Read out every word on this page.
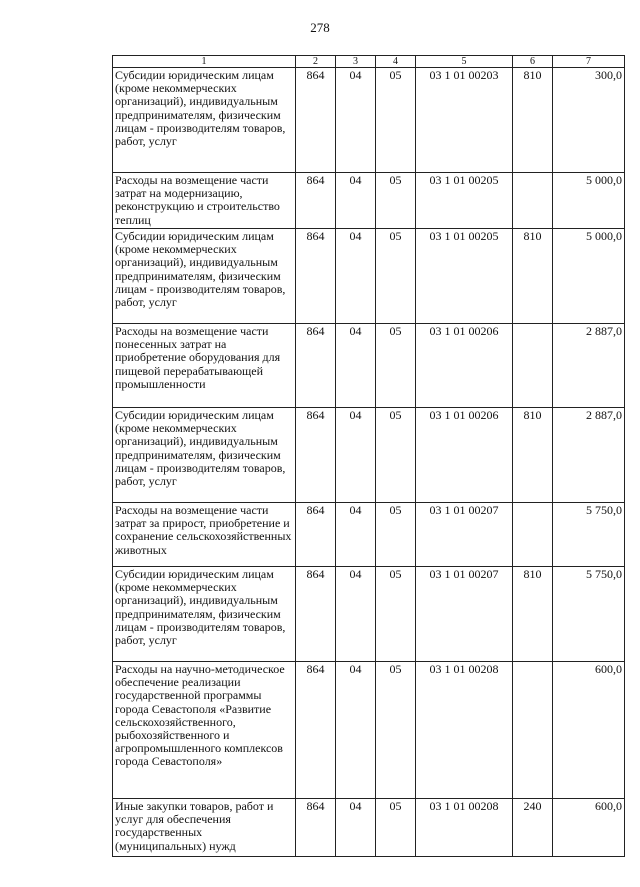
278
1	2	3	4	5	6	7
Субсидии юридическим лицам (кроме некоммерческих организаций), индивидуальным предпринимателям, физическим лицам - производителям товаров, работ, услуг	864	04	05	03 1 01 00203	810	300,0
Расходы на возмещение части затрат на модернизацию, реконструкцию и строительство теплиц	864	04	05	03 1 01 00205		5 000,0
Субсидии юридическим лицам (кроме некоммерческих организаций), индивидуальным предпринимателям, физическим лицам - производителям товаров, работ, услуг	864	04	05	03 1 01 00205	810	5 000,0
Расходы на возмещение части понесенных затрат на приобретение оборудования для пищевой перерабатывающей промышленности	864	04	05	03 1 01 00206		2 887,0
Субсидии юридическим лицам (кроме некоммерческих организаций), индивидуальным предпринимателям, физическим лицам - производителям товаров, работ, услуг	864	04	05	03 1 01 00206	810	2 887,0
Расходы на возмещение части затрат за прирост, приобретение и сохранение сельскохозяйственных животных	864	04	05	03 1 01 00207		5 750,0
Субсидии юридическим лицам (кроме некоммерческих организаций), индивидуальным предпринимателям, физическим лицам - производителям товаров, работ, услуг	864	04	05	03 1 01 00207	810	5 750,0
Расходы на научно-методическое обеспечение реализации государственной программы города Севастополя «Развитие сельскохозяйственного, рыбохозяйственного и агропромышленного комплексов города Севастополя»	864	04	05	03 1 01 00208		600,0
Иные закупки товаров, работ и услуг для обеспечения государственных (муниципальных) нужд	864	04	05	03 1 01 00208	240	600,0
